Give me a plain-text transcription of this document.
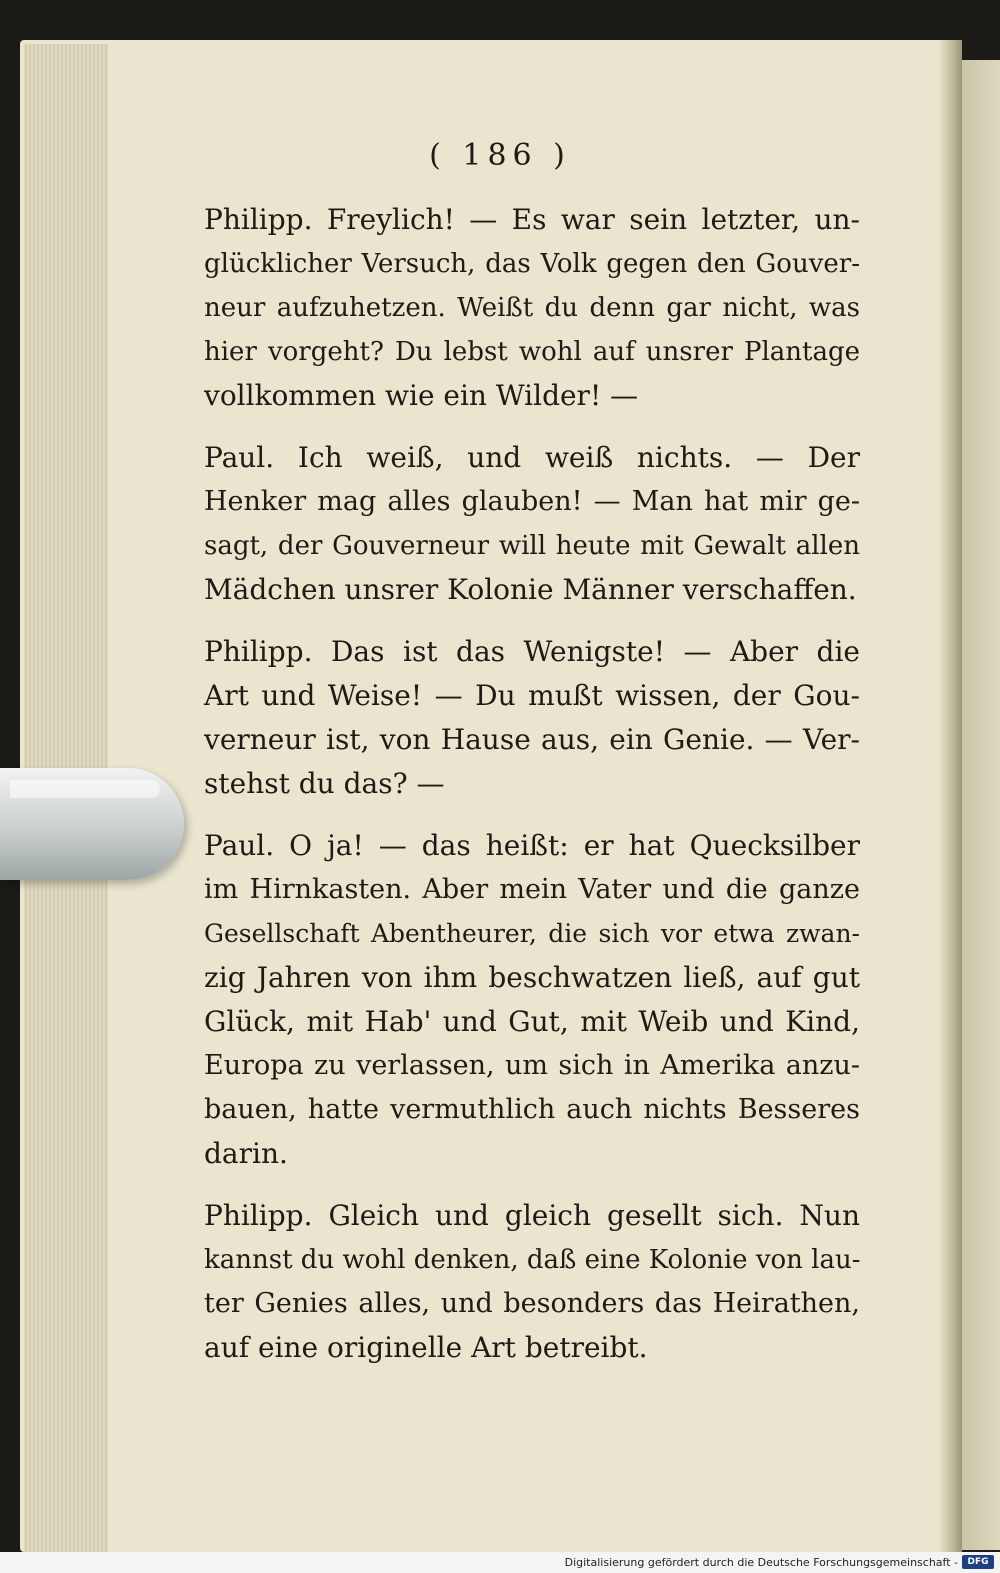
( 186 )
Philipp. Freylich! — Es war sein letzter, un-
glücklicher Versuch, das Volk gegen den Gouver-
neur aufzuhetzen. Weißt du denn gar nicht, was
hier vorgeht? Du lebst wohl auf unsrer Plantage
vollkommen wie ein Wilder! —
Paul. Ich weiß, und weiß nichts. — Der
Henker mag alles glauben! — Man hat mir ge-
sagt, der Gouverneur will heute mit Gewalt allen
Mädchen unsrer Kolonie Männer verschaffen.
Philipp. Das ist das Wenigste! — Aber die
Art und Weise! — Du mußt wissen, der Gou-
verneur ist, von Hause aus, ein Genie. — Ver-
stehst du das? —
Paul. O ja! — das heißt: er hat Quecksilber
im Hirnkasten. Aber mein Vater und die ganze
Gesellschaft Abentheurer, die sich vor etwa zwan-
zig Jahren von ihm beschwatzen ließ, auf gut
Glück, mit Hab' und Gut, mit Weib und Kind,
Europa zu verlassen, um sich in Amerika anzu-
bauen, hatte vermuthlich auch nichts Besseres
darin.
Philipp. Gleich und gleich gesellt sich. Nun
kannst du wohl denken, daß eine Kolonie von lau-
ter Genies alles, und besonders das Heirathen,
auf eine originelle Art betreibt.
Digitalisierung gefördert durch die Deutsche Forschungsgemeinschaft -	DFG
